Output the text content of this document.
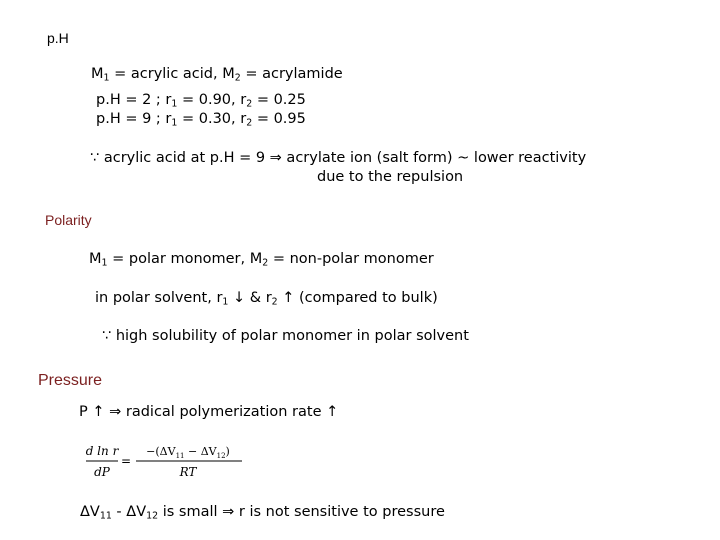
p.H
$M_1$ = acrylic acid, $M_2$ = acrylamide
p.H = 2 ; $r_1 = 0.90$, $r_2 = 0.25$
p.H = 9 ; $r_1 = 0.30$, $r_2 = 0.95$
∵ acrylic acid at p.H = 9 ⇒ acrylate ion (salt form) ~ lower reactivity
due to the repulsion
Polarity
$M_1$ = polar monomer, $M_2$ = non-polar monomer
in polar solvent, $r_1$ ↓ & $r_2$ ↑ (compared to bulk)
∵ high solubility of polar monomer in polar solvent
Pressure
P ↑ ⇒ radical polymerization rate ↑
d ln r
dP
=
$-(\Delta V_{11} - \Delta V_{12})$
RT
$\Delta V_{11} - \Delta V_{12}$ is small ⇒ r is not sensitive to pressure
